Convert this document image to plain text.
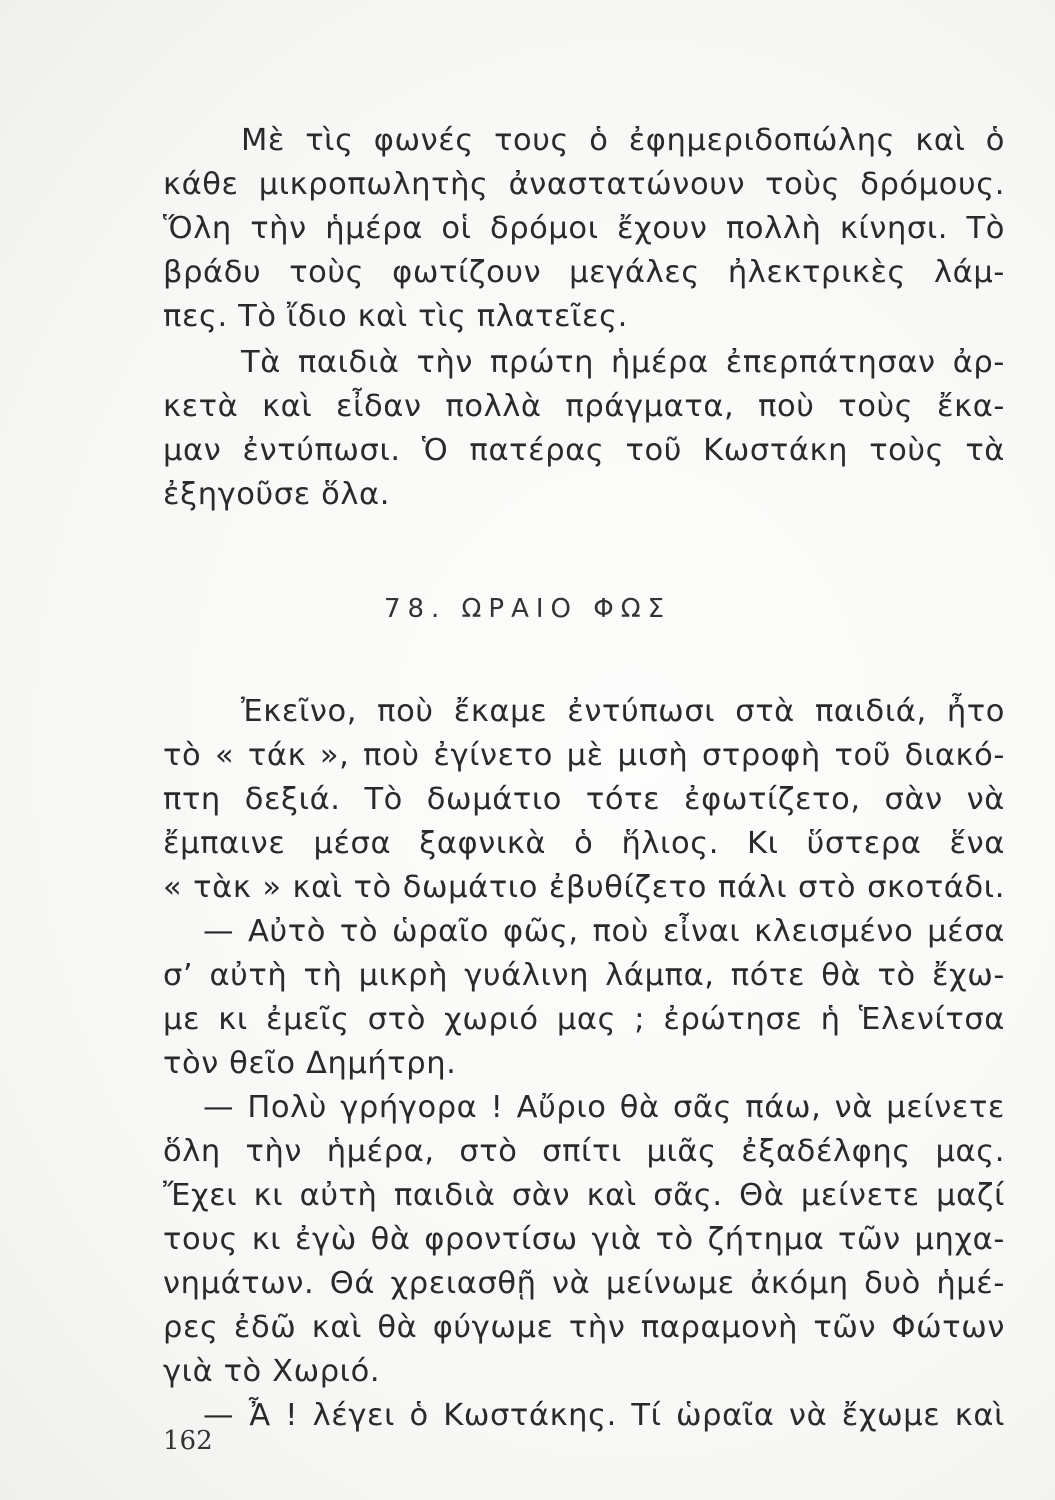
Μὲ τὶς φωνές τους ὁ ἐφημεριδοπώλης καὶ ὁ
κάθε μικροπωλητὴς ἀναστατώνουν τοὺς δρόμους.
Ὅλη τὴν ἡμέρα οἱ δρόμοι ἔχουν πολλὴ κίνησι. Τὸ
βράδυ τοὺς φωτίζουν μεγάλες ἠλεκτρικὲς λάμ-
πες. Τὸ ἴδιο καὶ τὶς πλατεῖες.
Τὰ παιδιὰ τὴν πρώτη ἡμέρα ἐπερπάτησαν ἀρ-
κετὰ καὶ εἶδαν πολλὰ πράγματα, ποὺ τοὺς ἔκα-
μαν ἐντύπωσι. Ὁ πατέρας τοῦ Κωστάκη τοὺς τὰ
ἐξηγοῦσε ὅλα.
78. ΩΡΑΙΟ ΦΩΣ
Ἐκεῖνο, ποὺ ἔκαμε ἐντύπωσι στὰ παιδιά, ἦτο
τὸ « τάκ », ποὺ ἐγίνετο μὲ μισὴ στροφὴ τοῦ διακό-
πτη δεξιά. Τὸ δωμάτιο τότε ἐφωτίζετο, σὰν νὰ
ἔμπαινε μέσα ξαφνικὰ ὁ ἥλιος. Κι ὕστερα ἕνα
« τὰκ » καὶ τὸ δωμάτιο ἐβυθίζετο πάλι στὸ σκοτάδι.
— Αὐτὸ τὸ ὡραῖο φῶς, ποὺ εἶναι κλεισμένο μέσα
σ’ αὐτὴ τὴ μικρὴ γυάλινη λάμπα, πότε θὰ τὸ ἔχω-
με κι ἐμεῖς στὸ χωριό μας ; ἐρώτησε ἡ Ἑλενίτσα
τὸν θεῖο Δημήτρη.
— Πολὺ γρήγορα ! Αὔριο θὰ σᾶς πάω, νὰ μείνετε
ὅλη τὴν ἡμέρα, στὸ σπίτι μιᾶς ἐξαδέλφης μας.
Ἔχει κι αὐτὴ παιδιὰ σὰν καὶ σᾶς. Θὰ μείνετε μαζί
τους κι ἐγὼ θὰ φροντίσω γιὰ τὸ ζήτημα τῶν μηχα-
νημάτων. Θά χρειασθῇ νὰ μείνωμε ἀκόμη δυὸ ἡμέ-
ρες ἐδῶ καὶ θὰ φύγωμε τὴν παραμονὴ τῶν Φώτων
γιὰ τὸ Χωριό.
— Ἆ ! λέγει ὁ Κωστάκης. Τί ὡραῖα νὰ ἔχωμε καὶ
162
